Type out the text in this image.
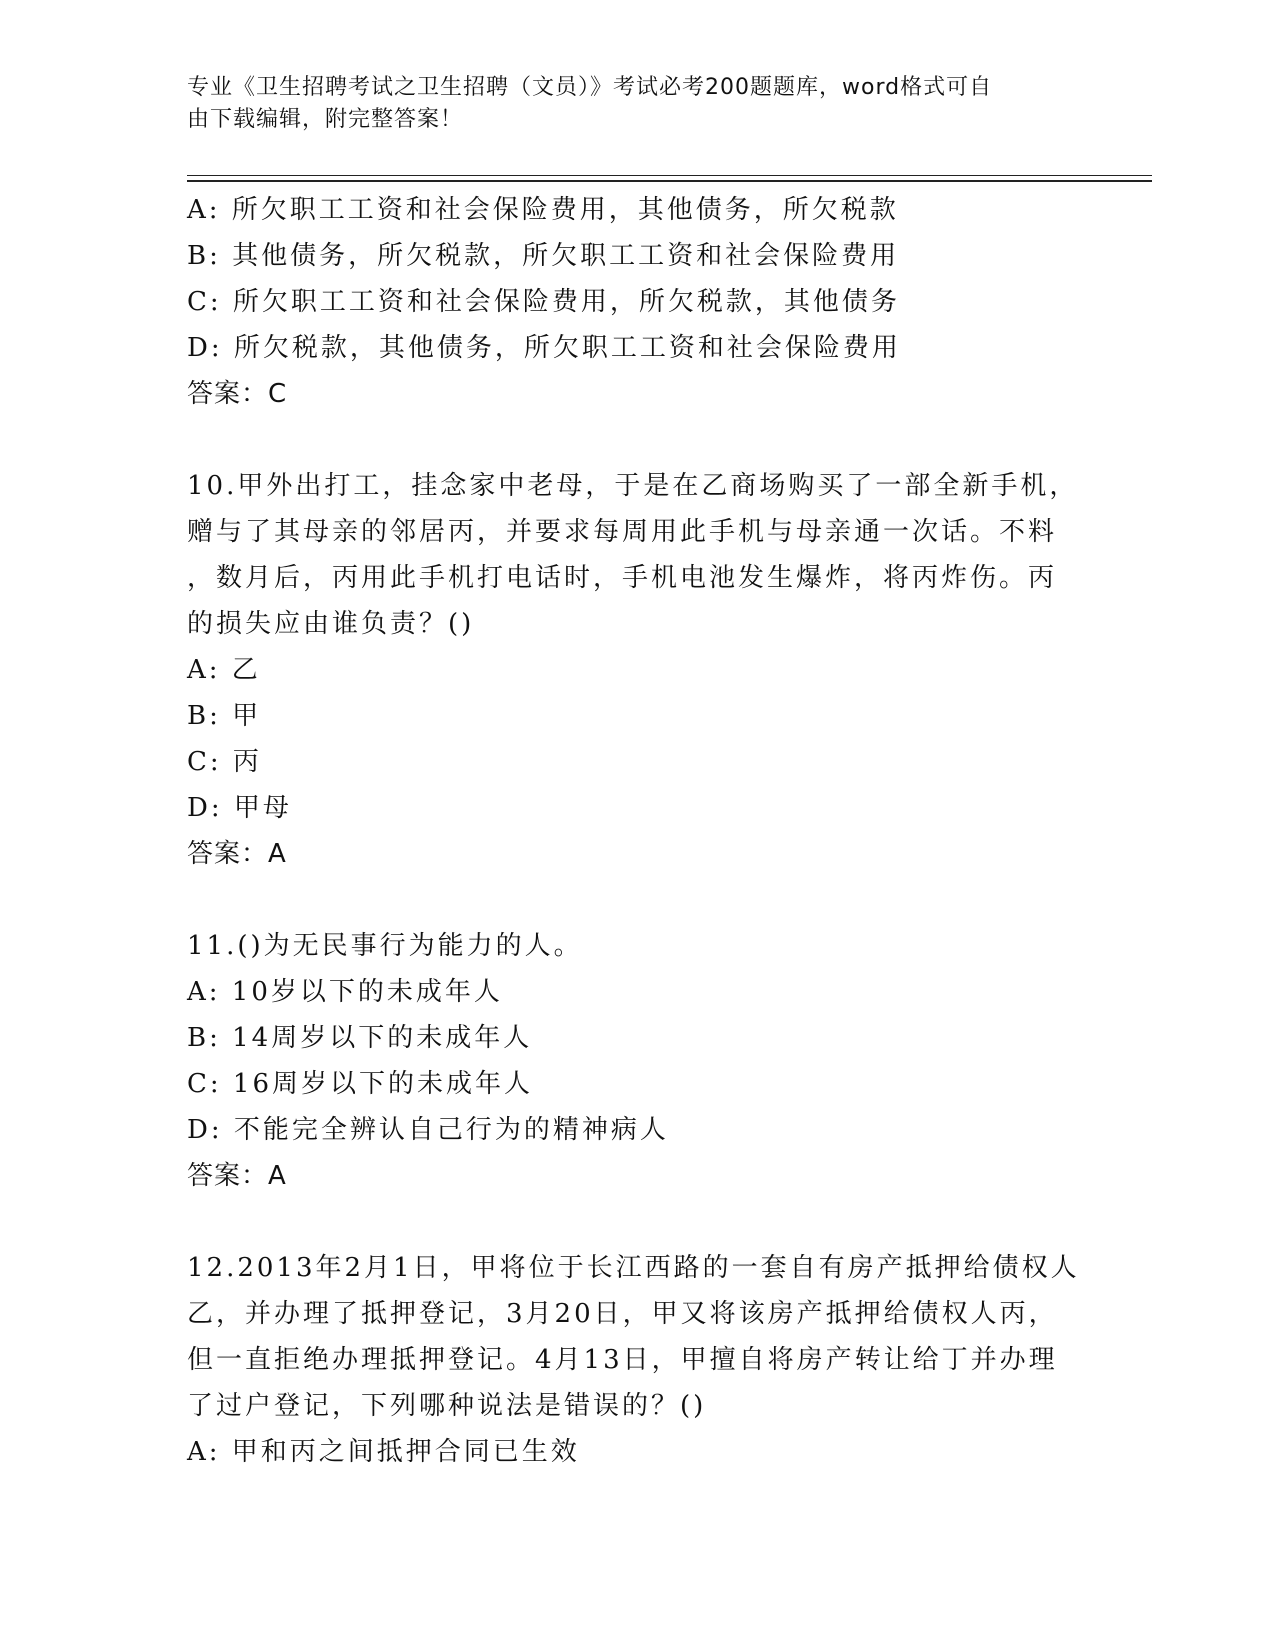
专业《卫生招聘考试之卫生招聘（文员）》考试必考200题题库，word格式可自
由下载编辑，附完整答案！
A: 所欠职工工资和社会保险费用，其他债务，所欠税款
B: 其他债务，所欠税款，所欠职工工资和社会保险费用
C: 所欠职工工资和社会保险费用，所欠税款，其他债务
D: 所欠税款，其他债务，所欠职工工资和社会保险费用
答案：C
10.甲外出打工，挂念家中老母，于是在乙商场购买了一部全新手机，
赠与了其母亲的邻居丙，并要求每周用此手机与母亲通一次话。不料
，数月后，丙用此手机打电话时，手机电池发生爆炸，将丙炸伤。丙
的损失应由谁负责？()
A: 乙
B: 甲
C: 丙
D: 甲母
答案：A
11.()为无民事行为能力的人。
A: 10岁以下的未成年人
B: 14周岁以下的未成年人
C: 16周岁以下的未成年人
D: 不能完全辨认自己行为的精神病人
答案：A
12.2013年2月1日，甲将位于长江西路的一套自有房产抵押给债权人
乙，并办理了抵押登记，3月20日，甲又将该房产抵押给债权人丙，
但一直拒绝办理抵押登记。4月13日，甲擅自将房产转让给丁并办理
了过户登记，下列哪种说法是错误的？()
A: 甲和丙之间抵押合同已生效
